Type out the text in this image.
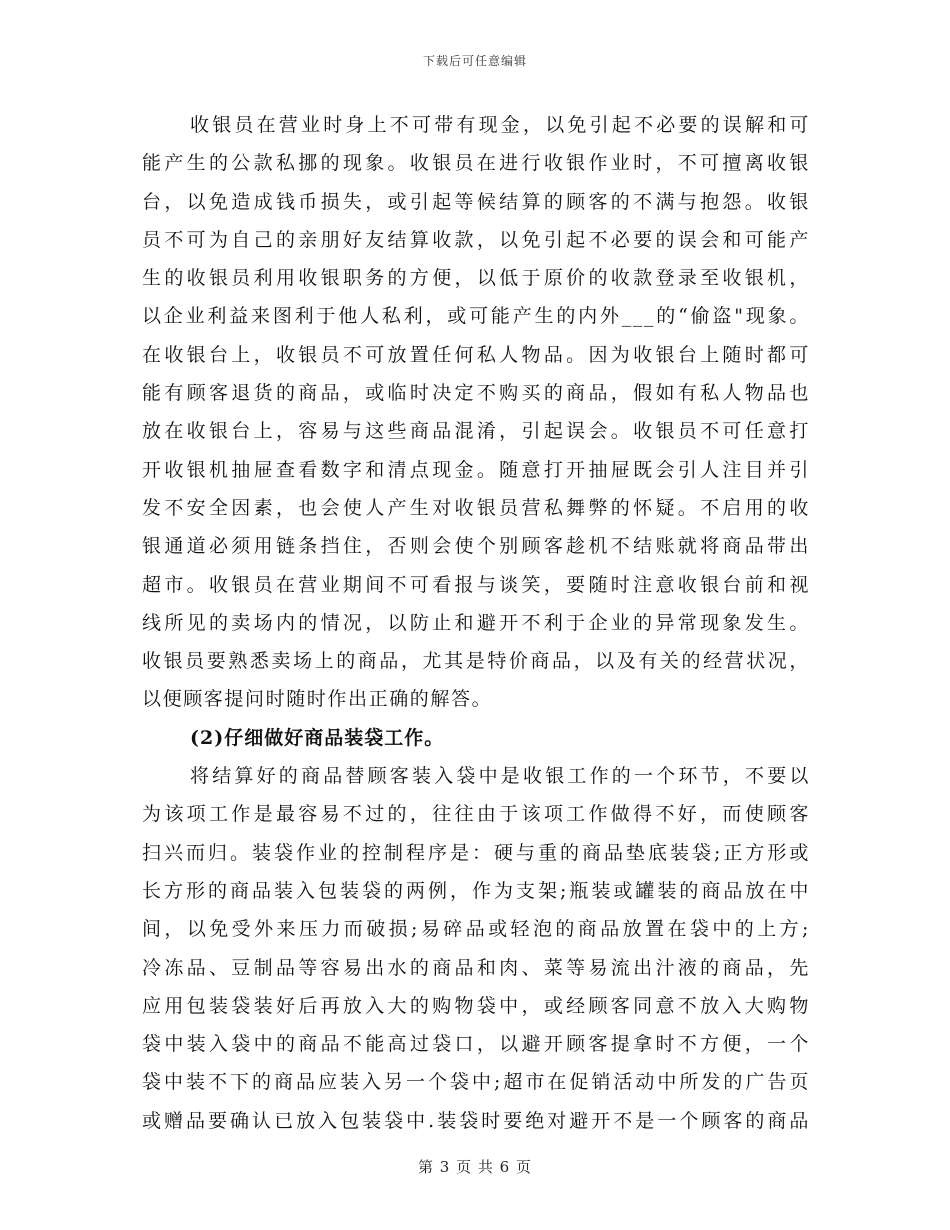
下载后可任意编辑
收银员在营业时身上不可带有现金，以免引起不必要的误解和可
能产生的公款私挪的现象。收银员在进行收银作业时，不可擅离收银
台，以免造成钱币损失，或引起等候结算的顾客的不满与抱怨。收银
员不可为自己的亲朋好友结算收款，以免引起不必要的误会和可能产
生的收银员利用收银职务的方便，以低于原价的收款登录至收银机，
以企业利益来图利于他人私利，或可能产生的内外___的“偷盗"现象。
在收银台上，收银员不可放置任何私人物品。因为收银台上随时都可
能有顾客退货的商品，或临时决定不购买的商品，假如有私人物品也
放在收银台上，容易与这些商品混淆，引起误会。收银员不可任意打
开收银机抽屉查看数字和清点现金。随意打开抽屉既会引人注目并引
发不安全因素，也会使人产生对收银员营私舞弊的怀疑。不启用的收
银通道必须用链条挡住，否则会使个别顾客趁机不结账就将商品带出
超市。收银员在营业期间不可看报与谈笑，要随时注意收银台前和视
线所见的卖场内的情况，以防止和避开不利于企业的异常现象发生。
收银员要熟悉卖场上的商品，尤其是特价商品，以及有关的经营状况，
以便顾客提问时随时作出正确的解答。
(2)仔细做好商品装袋工作。
将结算好的商品替顾客装入袋中是收银工作的一个环节，不要以
为该项工作是最容易不过的，往往由于该项工作做得不好，而使顾客
扫兴而归。装袋作业的控制程序是：硬与重的商品垫底装袋;正方形或
长方形的商品装入包装袋的两例，作为支架;瓶装或罐装的商品放在中
间，以免受外来压力而破损;易碎品或轻泡的商品放置在袋中的上方;
冷冻品、豆制品等容易出水的商品和肉、菜等易流出汁液的商品，先
应用包装袋装好后再放入大的购物袋中，或经顾客同意不放入大购物
袋中装入袋中的商品不能高过袋口，以避开顾客提拿时不方便，一个
袋中装不下的商品应装入另一个袋中;超市在促销活动中所发的广告页
或赠品要确认已放入包装袋中.装袋时要绝对避开不是一个顾客的商品
第 3 页 共 6 页
